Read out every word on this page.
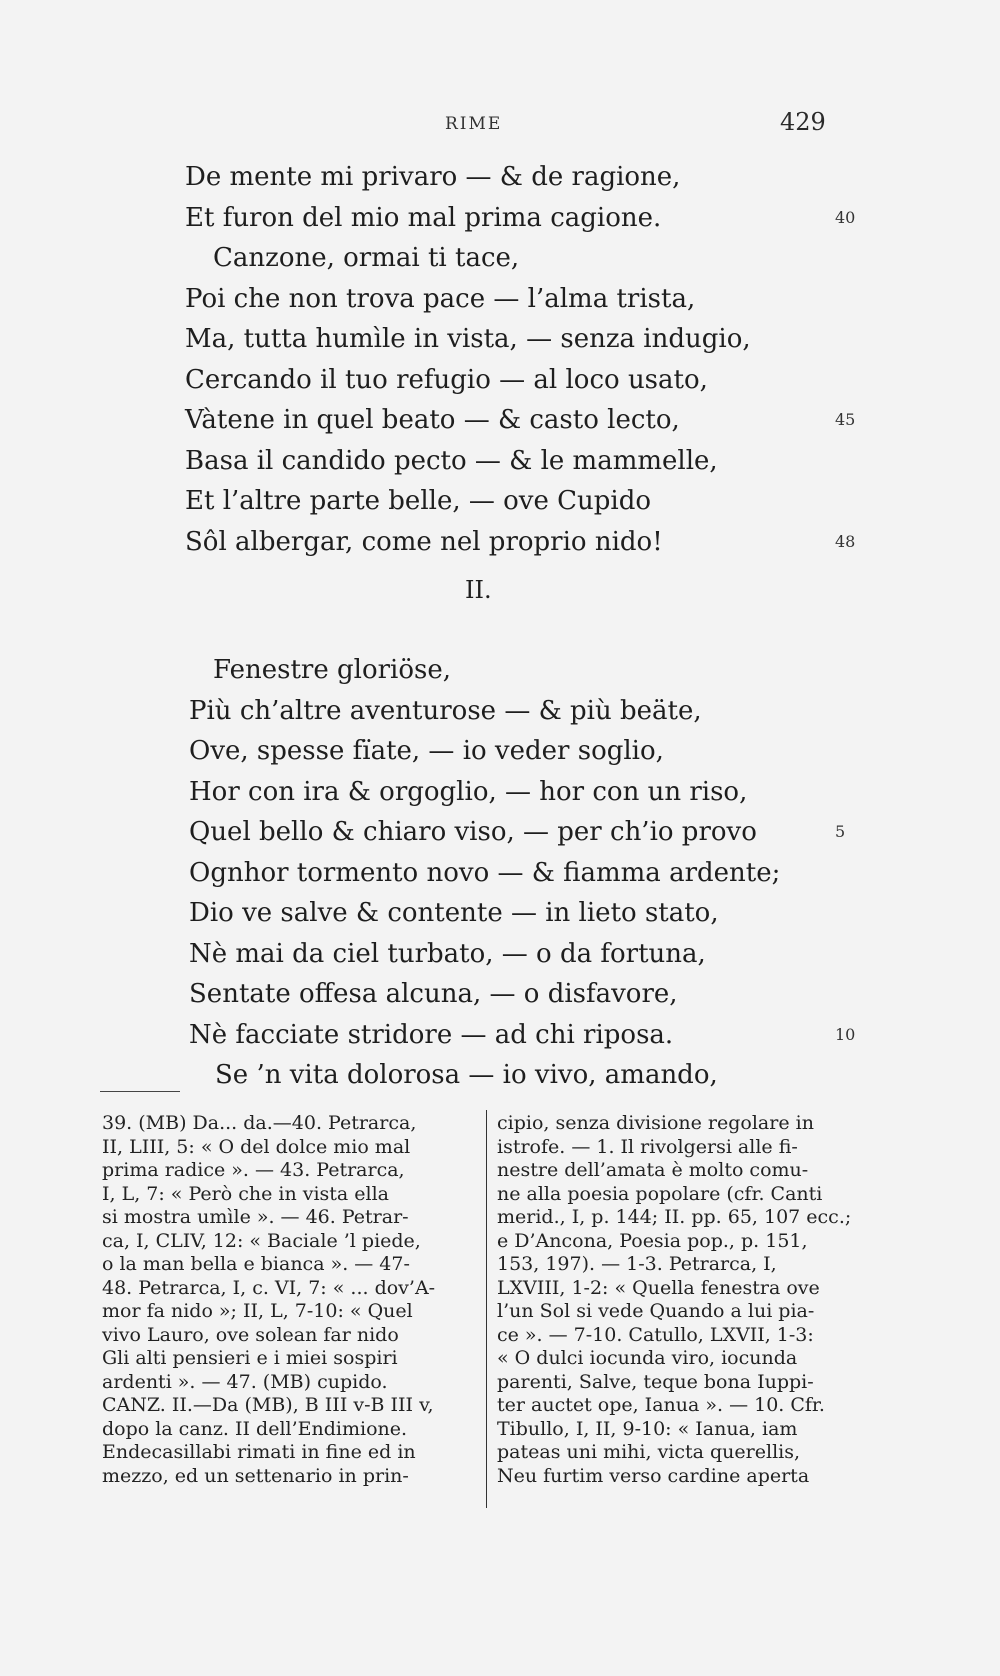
RIME	429
De mente mi privaro — & de ragione,
Et furon del mio mal prima cagione.	40
Canzone, ormai ti tace,
Poi che non trova pace — l’alma trista,
Ma, tutta humìle in vista, — senza indugio,
Cercando il tuo refugio — al loco usato,
Vàtene in quel beato — & casto lecto,	45
Basa il candido pecto — & le mammelle,
Et l’altre parte belle, — ove Cupido
Sôl albergar, come nel proprio nido!	48
II.
Fenestre gloriöse,
Più ch’altre aventurose — & più beäte,
Ove, spesse fïate, — io veder soglio,
Hor con ira & orgoglio, — hor con un riso,
Quel bello & chiaro viso, — per ch’io provo	5
Ognhor tormento novo — & fiamma ardente;
Dio ve salve & contente — in lieto stato,
Nè mai da ciel turbato, — o da fortuna,
Sentate offesa alcuna, — o disfavore,
Nè facciate stridore — ad chi riposa.	10
Se ’n vita dolorosa — io vivo, amando,
39. (MB) Da... da.—40. Petrarca,
II, LIII, 5: « O del dolce mio mal
prima radice ». — 43. Petrarca,
I, L, 7: « Però che in vista ella
si mostra umìle ». — 46. Petrar-
ca, I, CLIV, 12: « Baciale ’l piede,
o la man bella e bianca ». — 47-
48. Petrarca, I, c. VI, 7: « ... dov’A-
mor fa nido »; II, L, 7-10: « Quel
vivo Lauro, ove solean far nido
Gli alti pensieri e i miei sospiri
ardenti ». — 47. (MB) cupido.
CANZ. II.—Da (MB), B III v-B III v,
dopo la canz. II dell’Endimione.
Endecasillabi rimati in fine ed in
mezzo, ed un settenario in prin-
cipio, senza divisione regolare in
istrofe. — 1. Il rivolgersi alle fi-
nestre dell’amata è molto comu-
ne alla poesia popolare (cfr. Canti
merid., I, p. 144; II. pp. 65, 107 ecc.;
e D’Ancona, Poesia pop., p. 151,
153, 197). — 1-3. Petrarca, I,
LXVIII, 1-2: « Quella fenestra ove
l’un Sol si vede Quando a lui pia-
ce ». — 7-10. Catullo, LXVII, 1-3:
« O dulci iocunda viro, iocunda
parenti, Salve, teque bona Iuppi-
ter auctet ope, Ianua ». — 10. Cfr.
Tibullo, I, II, 9-10: « Ianua, iam
pateas uni mihi, victa querellis,
Neu furtim verso cardine aperta
